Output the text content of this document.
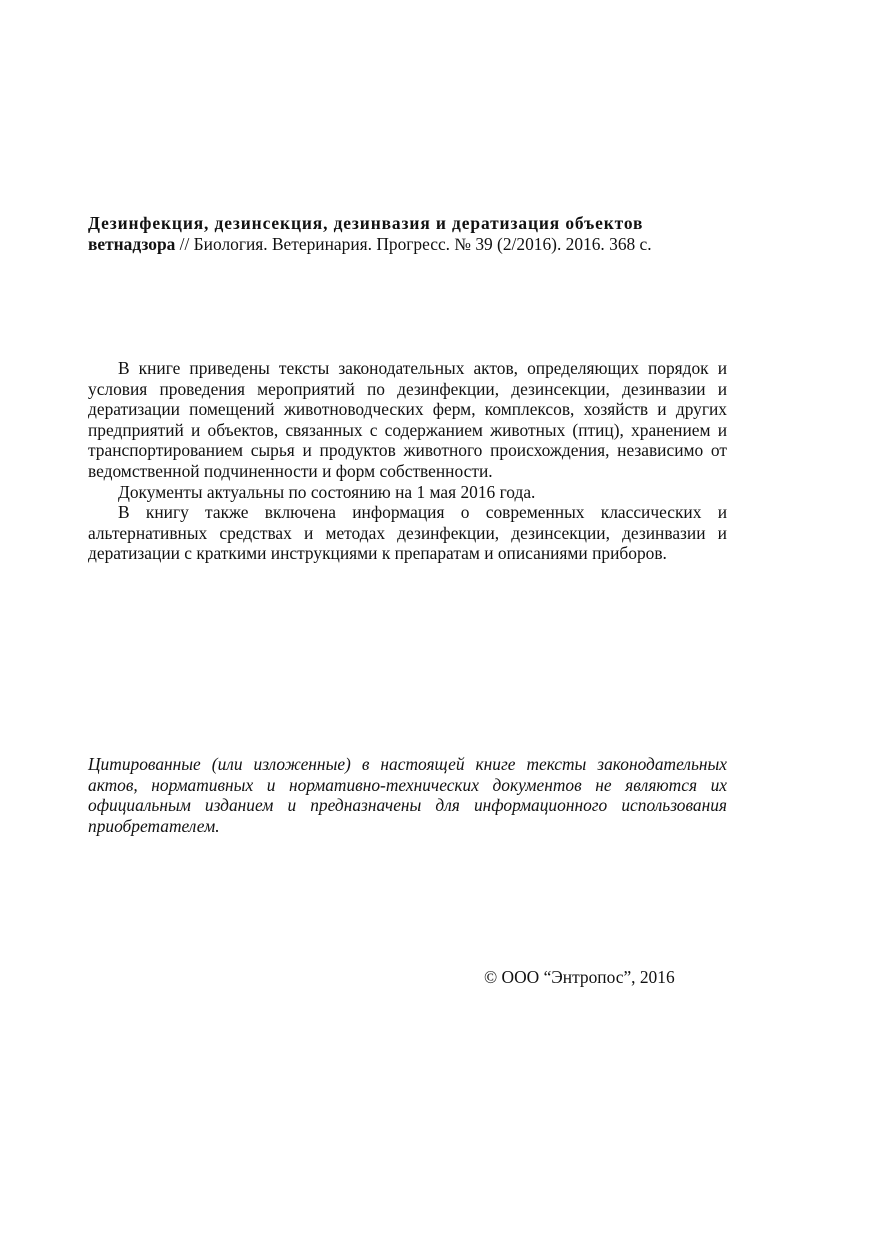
Дезинфекция, дезинсекция, дезинвазия и дератизация объектов
ветнадзора // Биология. Ветеринария. Прогресс. № 39 (2/2016). 2016. 368 с.

В книге приведены тексты законодательных актов, определяющих порядок и условия проведения мероприятий по дезинфекции, дезинсекции, дезинвазии и дератизации помещений животноводческих ферм, комплексов, хозяйств и других предприятий и объектов, связанных с содержанием животных (птиц), хранением и транспортированием сырья и продуктов животного происхождения, независимо от ведомственной подчиненности и форм собственности.

Документы актуальны по состоянию на 1 мая 2016 года.

В книгу также включена информация о современных классических и альтернативных средствах и методах дезинфекции, дезинсекции, дезинвазии и дератизации с краткими инструкциями к препаратам и описаниями приборов.

Цитированные (или изложенные) в настоящей книге тексты законодательных актов, нормативных и нормативно-технических документов не являются их официальным изданием и предназначены для информационного использования приобретателем.

© ООО “Энтропос”, 2016
